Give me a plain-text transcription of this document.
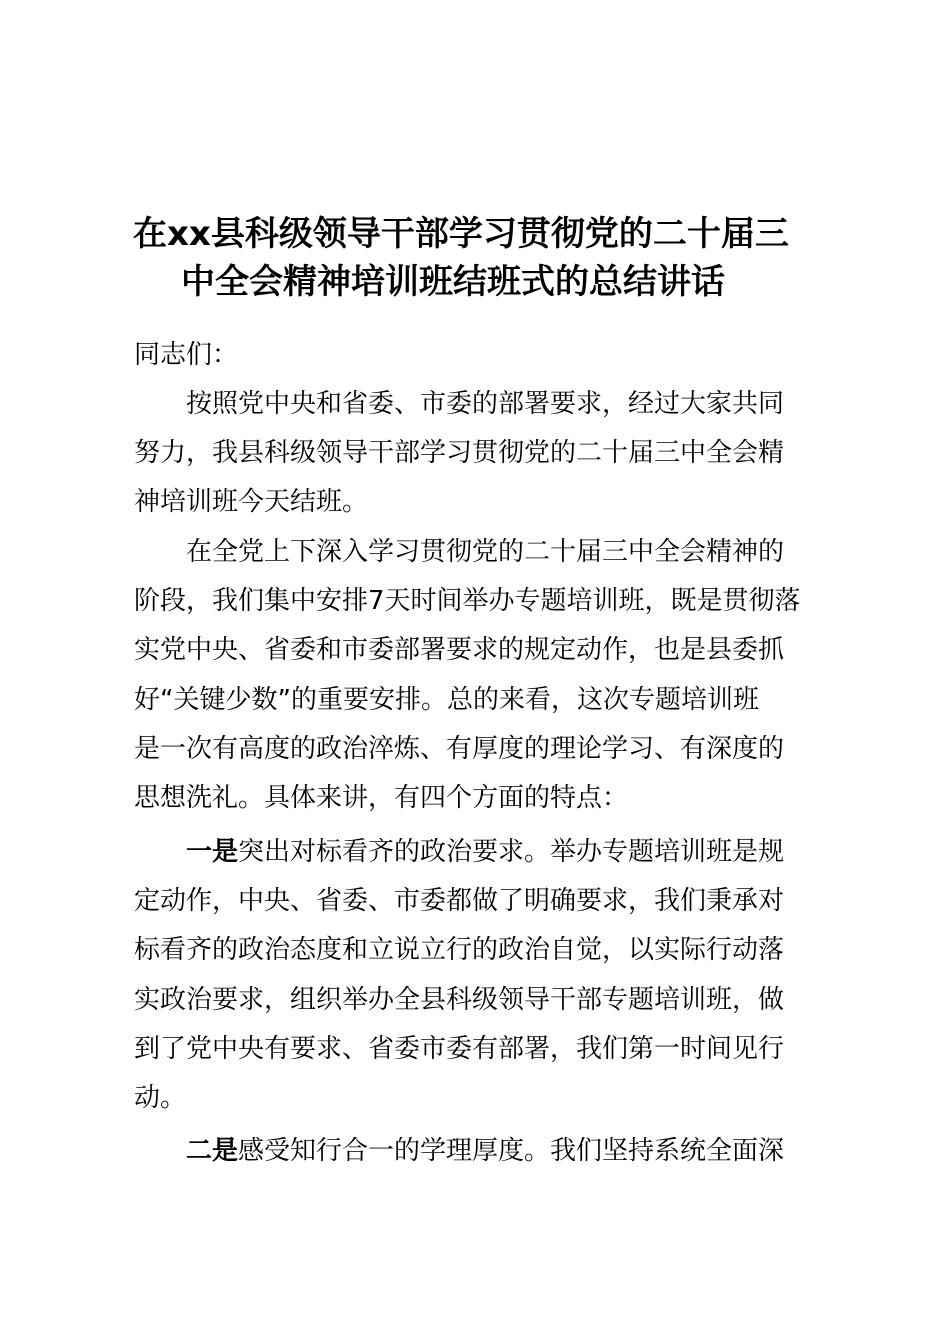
在xx县科级领导干部学习贯彻党的二十届三
中全会精神培训班结班式的总结讲话
同志们：
按照党中央和省委、市委的部署要求，经过大家共同
努力，我县科级领导干部学习贯彻党的二十届三中全会精
神培训班今天结班。
在全党上下深入学习贯彻党的二十届三中全会精神的
阶段，我们集中安排7天时间举办专题培训班，既是贯彻落
实党中央、省委和市委部署要求的规定动作，也是县委抓
好“关键少数”的重要安排。总的来看，这次专题培训班
是一次有高度的政治淬炼、有厚度的理论学习、有深度的
思想洗礼。具体来讲，有四个方面的特点：
一是突出对标看齐的政治要求。举办专题培训班是规
定动作，中央、省委、市委都做了明确要求，我们秉承对
标看齐的政治态度和立说立行的政治自觉，以实际行动落
实政治要求，组织举办全县科级领导干部专题培训班，做
到了党中央有要求、省委市委有部署，我们第一时间见行
动。
二是感受知行合一的学理厚度。我们坚持系统全面深
